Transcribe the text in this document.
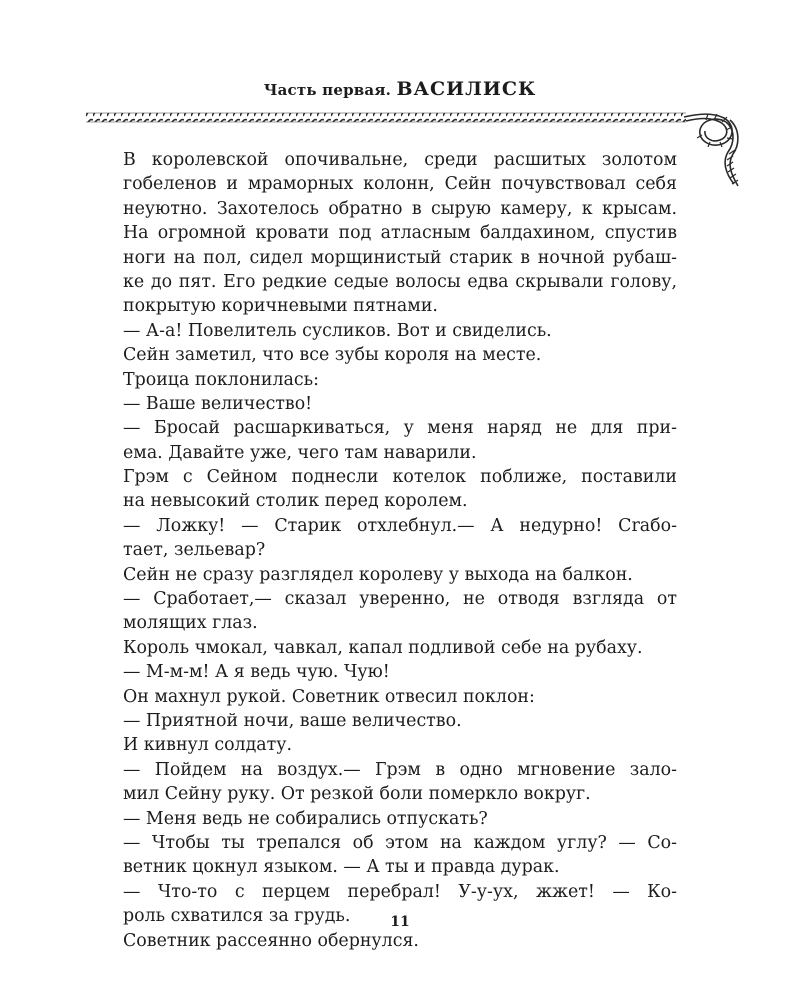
Часть первая. ВАСИЛИСК
В королевской опочивальне, среди расшитых золотом
гобеленов и мраморных колонн, Сейн почувствовал себя
неуютно. Захотелось обратно в сырую камеру, к крысам.
На огромной кровати под атласным балдахином, спустив
ноги на пол, сидел морщинистый старик в ночной рубаш-
ке до пят. Его редкие седые волосы едва скрывали голову,
покрытую коричневыми пятнами.
— А-а! Повелитель сусликов. Вот и свиделись.
Сейн заметил, что все зубы короля на месте.
Троица поклонилась:
— Ваше величество!
— Бросай расшаркиваться, у меня наряд не для при-
ема. Давайте уже, чего там наварили.
Грэм с Сейном поднесли котелок поближе, поставили
на невысокий столик перед королем.
— Ложку! — Старик отхлебнул.— А недурно! Сrабо-
тает, зельевар?
Сейн не сразу разглядел королеву у выхода на балкон.
— Сработает,— сказал уверенно, не отводя взгляда от
молящих глаз.
Король чмокал, чавкал, капал подливой себе на рубаху.
— М-м-м! А я ведь чую. Чую!
Он махнул рукой. Советник отвесил поклон:
— Приятной ночи, ваше величество.
И кивнул солдату.
— Пойдем на воздух.— Грэм в одно мгновение зало-
мил Сейну руку. От резкой боли померкло вокруг.
— Меня ведь не собирались отпускать?
— Чтобы ты трепался об этом на каждом углу? — Со-
ветник цокнул языком. — А ты и правда дурак.
— Что-то с перцем перебрал! У-у-ух, жжет! — Ко-
роль схватился за грудь.
Советник рассеянно обернулся.
11
